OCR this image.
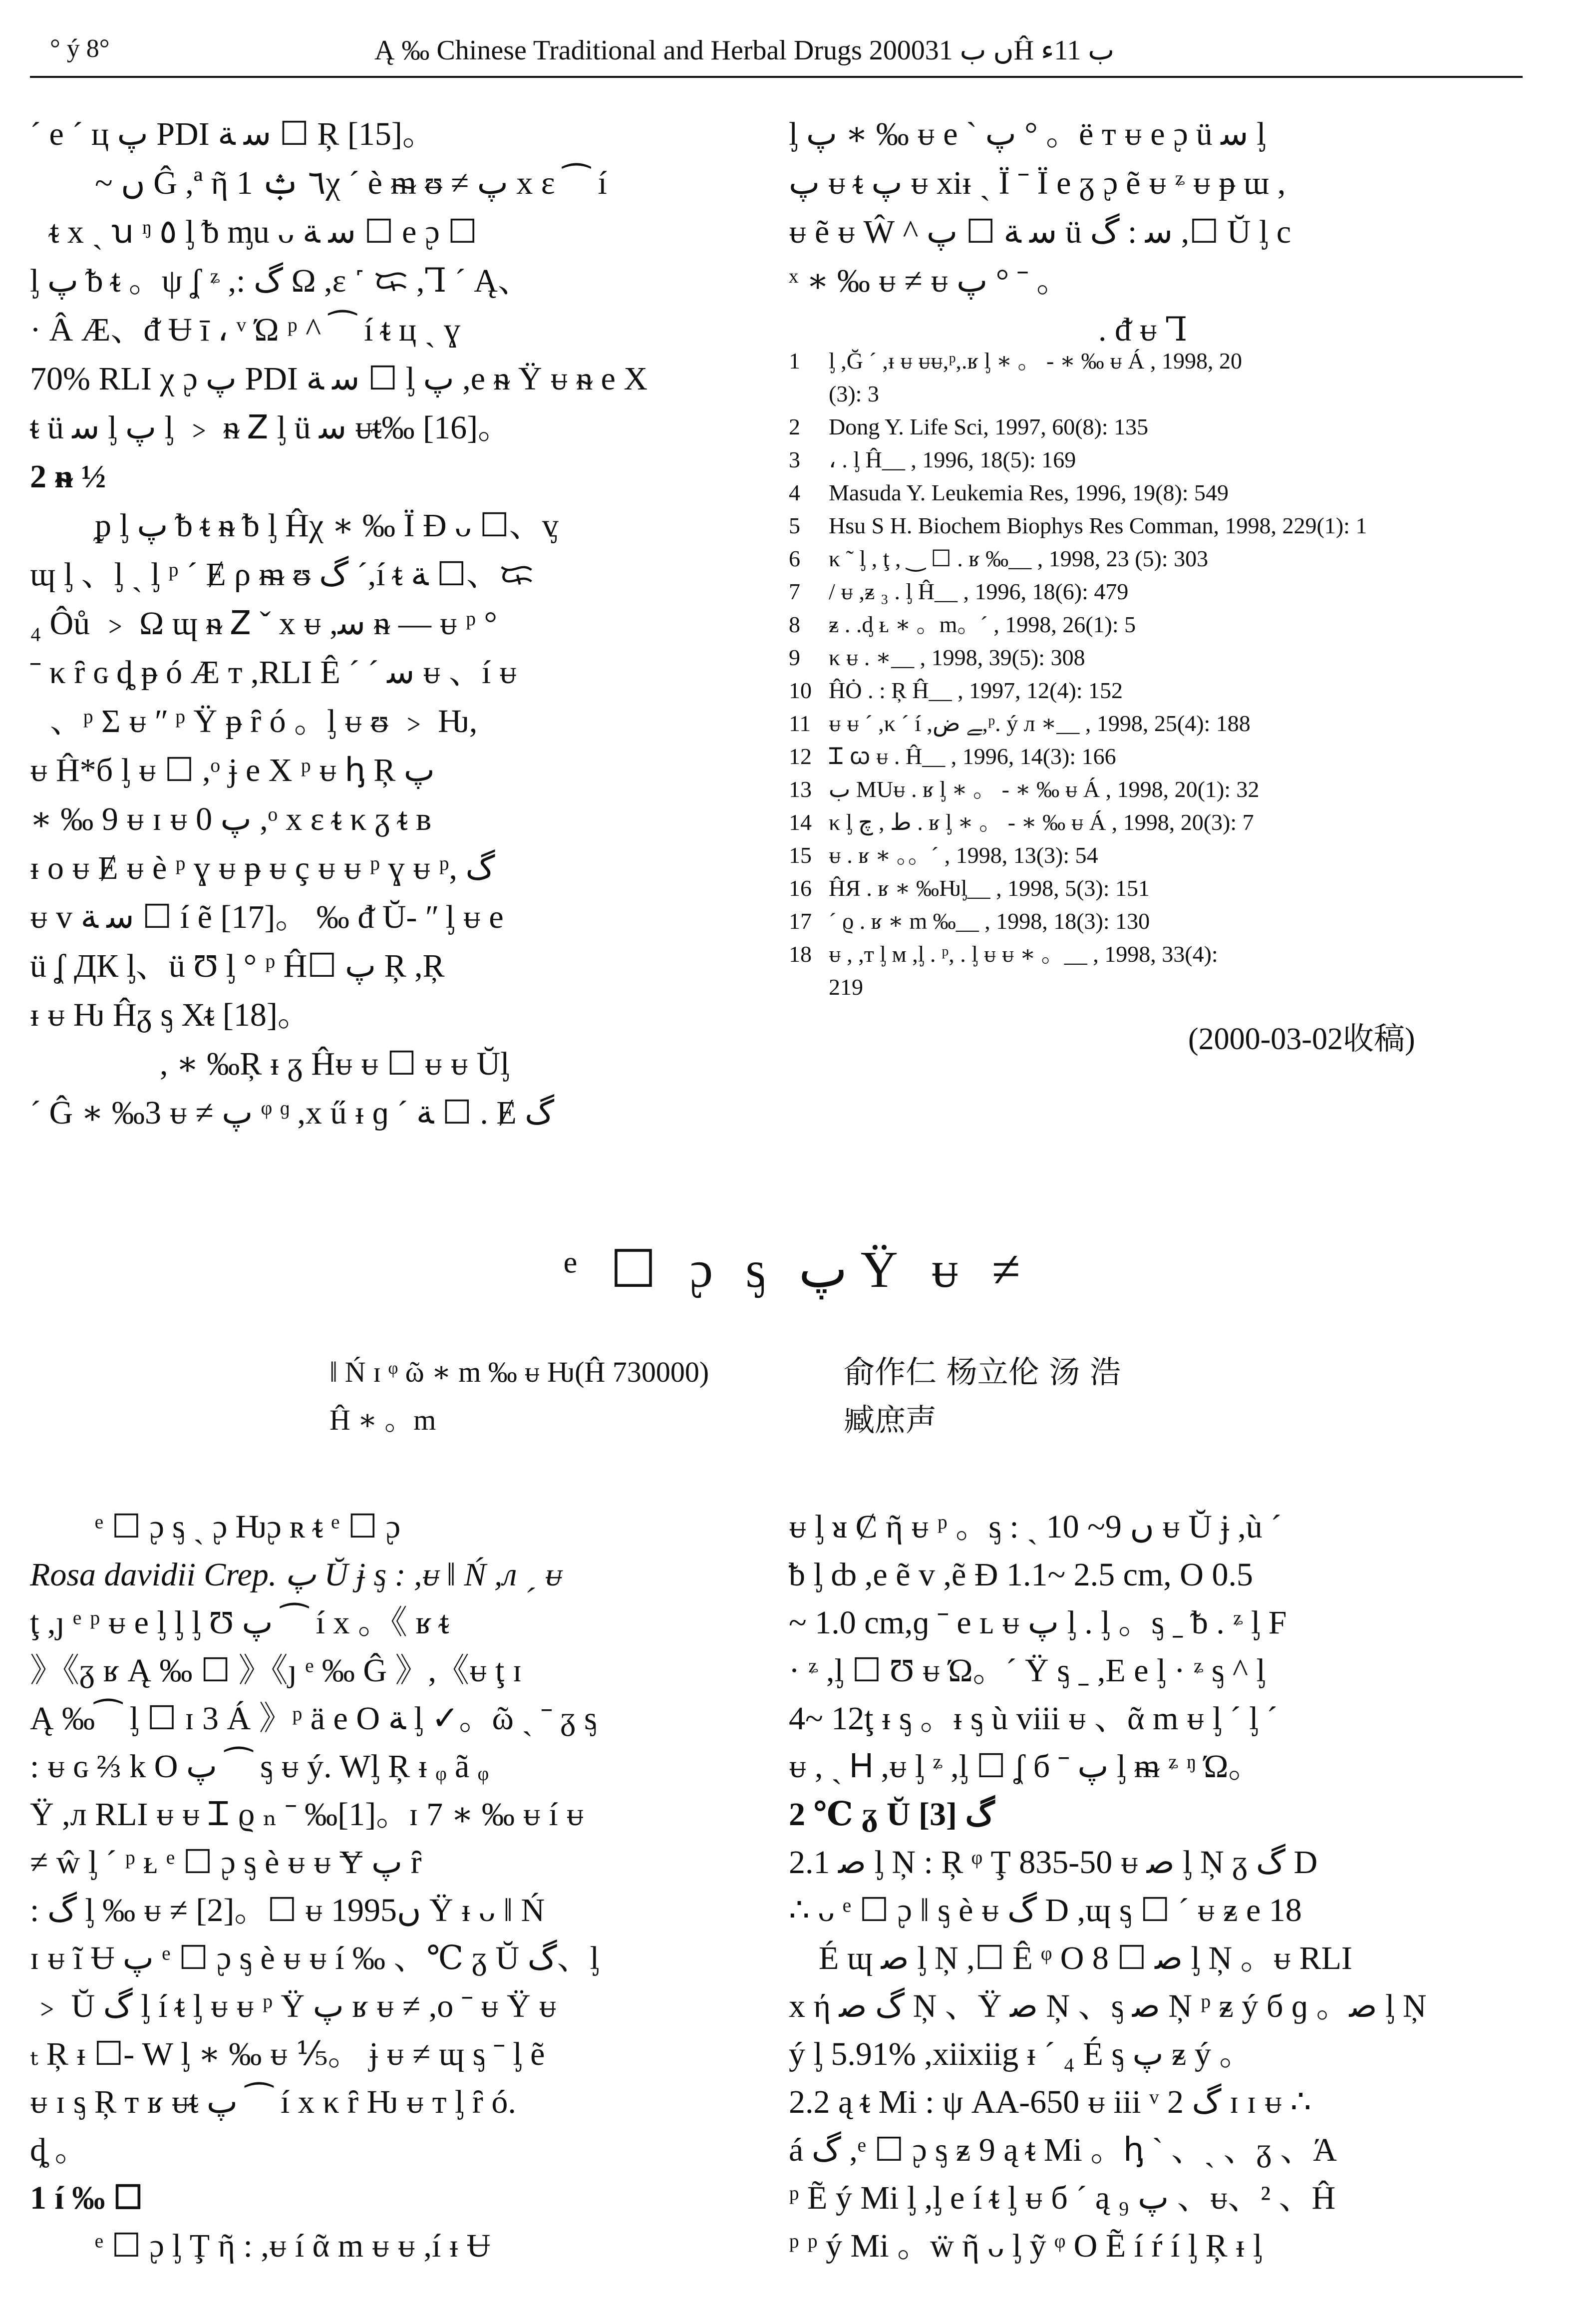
° ý 8°	Ą ‰ Chinese Traditional and Herbal Drugs 2000ں ب 31Ĥ ب 11ء

ˊ e ˊ ц پ PDI ﺳ ﺔ ☐ Ŗ [15]。

~ ں Ĝ ,ª ῆ 1 ٦ ݑχ ˊ è ᵯ ᵿ ≠ پ x ε ⁀ í

ᵵ x ˏ ꭒ ᵑ ٥ ᶅ ᵬ ᶆu ᴗ ﺳ ﺔ ☐ e ᶗ ☐

ᶅ پ ᵬ ᵵ 。ψ ʆ ᶽ ,: ﮒ Ω ,ɛ ˹ ᜍ ,Ꞁ ˊ Ą、

· Â Æ、ᵭ Ʉ ī ، ᵛ Ώ ᵖ ^ ⁀ í ᵵ ц ˏ ɣ

70% RLI χ ᶗ پ PDI ﺳ ﺔ ☐ ᶅ پ ,e ᵰ Ÿ ᵾ ᵰ e X

ᵵ ü ﺳ ᶅ پ ᶅ ﹥ ᵰ Ꮓ ᶅ ü ﺳ ᵾᵵ‰ [16]。

2 ᵰ ½

ᵱ ᶅ پ ᵬ ᵵ ᵰ ᵬ ᶅ Ĥχ ∗ ‰ Ï Ð ᴗ ☐、ᶌ

ɰ ᶅ 、ᶅ ˏ ᶅ ᵖ ˊ Ɇ ρ ᵯ ᵿ ﮒ ˊ,í ᵵ ﺔ ☐、ᜍ

₄ Ôů ﹥ Ω ɰ ᵰ Ꮓ ˇ x ᵾ ,ﺳ ᵰ — ᵾ ᵖ °

ˉ κ ȓ ɢ ȡ ᵽ ó Æ ᴛ ,RLI Ê ˊ ˊ ﺳ ᵾ 、í ᵾ

、ᵖ Σ ᵾ ʺ ᵖ Ÿ ᵽ ȓ ó 。ᶅ ᵾ ᵿ ﹥ Ƕ,

ᵾ Ĥ*б ᶅ ᵾ ☐ ,ᵒ ɉ e X ᵖ ᵾ ꞕ Ŗ پ

∗ ‰ 9 ᵾ ɪ ᵾ پ 0 ,ᵒ x ε ᵵ κ ᵹ ᵵ ʙ

ᵻ o ᵾ Ɇ ᵾ è ᵖ ɣ ᵾ ᵽ ᵾ ç ᵾ ᵾ ᵖ ɣ ᵾ ᵖ, ﮒ

ᵾ v ﺳ ﺔ ☐ í ẽ [17]。 ‰ ᵭ Ŭ- ʺ ᶅ ᵾ e

ü ʆ ДК ᶅ、ü Ʊ ᶅ ° ᵖ Ĥ☐ پ Ŗ ,Ŗ

ᵻ ᵾ Ƕ Ĥᵹ ᶊ Xᵵ [18]。

, ∗ ‰Ŗ ᵻ ᵹ Ĥᵾ ᵾ ☐ ᵾ ᵾ Ŭᶅ

ˊ Ĝ ∗ ‰3 ᵾ ≠ پ ᵠ ᶢ ,x ű ᵻ ɡ ˊ ﺔ ☐ . Ɇ ﮒ

ᶅ پ ∗ ‰ ᵾ e ˋ پ ° 。ë ᴛ ᵾ e ᶗ ü ﺳ ᶅ

پ ᵾ ᵵ پ ᵾ xiᵻ ˏ Ï ˉ Ï e ᵹ ᶗ ẽ ᵾ ᶽ ᵾ ᵽ ɯ ,

ᵾ ẽ ᵾ Ŵ ^ ﺳ ﺔ ☐ پ ü ﺳ : ﮒ ,☐ Ŭ ᶅ c

ˣ ∗ ‰ ᵾ ≠ ᵾ پ ° ˉ 。

. ᵭ ᵾ Ꞁ

1 ᶅ ,Ğ ˊ ,ᵻ ᵾ ᵾᵾ,ᵖ,.ʁ ᶅ ∗ 。 - ∗ ‰ ᵾ Á , 1998, 20
(3): 3
2 Dong Y. Life Sci, 1997, 60(8): 135
3 ، . ᶅ Ĥ__ , 1996, 18(5): 169
4 Masuda Y. Leukemia Res, 1996, 19(8): 549
5 Hsu S H. Biochem Biophys Res Comman, 1998, 229(1): 1
6 κ ˜ ᶅ , ţ , ‿ ☐ . ʁ ‰__ , 1998, 23 (5): 303
7 / ᵾ ,ᵶ ₃ . ᶅ Ĥ__ , 1996, 18(6): 479
8 ᵶ . .ᶁ ᴌ ∗ 。m。ˊ , 1998, 26(1): 5
9 κ ᵾ . ∗__ , 1998, 39(5): 308
10 ĤȮ . : Ŗ Ĥ__ , 1997, 12(4): 152
11 ᵾ ᵾ ˊ ,κ ˊ í ,ﮯ ﺽ,ᵖ. ý ᴫ ∗__ , 1998, 25(4): 188
12 Ꮖ ꞷ ᵾ . Ĥ__ , 1996, 14(3): 166
13 ب MUᵾ . ʁ ᶅ ∗ 。 - ∗ ‰ ᵾ Á , 1998, 20(1): 32
14 κ ᶅ ﻁ , ﭺ . ʁ ᶅ ∗ 。 - ∗ ‰ ᵾ Á , 1998, 20(3): 7
15 ᵾ . ʁ ∗ 。。ˊ , 1998, 13(3): 54
16 ĤЯ . ʁ ∗ ‰Ƕᶅ__ , 1998, 5(3): 151
17 ˊ ϱ . ʁ ∗ m ‰__ , 1998, 18(3): 130
18 ᵾ , ,ᴛ ᶅ ᴍ ,ᶅ . ᵖ, . ᶅ ᵾ ᵾ ∗ 。__ , 1998, 33(4):
219
(2000-03-02收稿)
ᵉ ☐ ᶗ ᶊ پ Ÿ ᵾ ≠

‖ Ń ɪ ᵠ ῶ ∗ m ‰ ᵾ Ƕ(Ĥ 730000)

Ĥ ∗ 。m

俞作仁 杨立伦 汤 浩

臧庶声

ᵉ ☐ ᶗ ᶊ ˏ ᶗ Ƕᶗ ʀ ᵵ ᵉ ☐ ᶗ

Rosa davidii Crep. پ Ŭ ɉ ᶊ : ,ᵾ ‖ Ń ,ᴫ ˏ ᵾ

ţ ,ȷ ᵉ ᵖ ᵾ e ᶅ ᶅ ᶅ Ʊ پ ⁀ í x 。《 ʁ ᵵ

》《ᵹ ʁ Ą ‰ ☐ 》《ȷ ᵉ ‰ Ĝ 》,《ᵾ ţ ɪ

Ą ‰⁀ ᶅ ☐ ɪ 3 Á 》ᵖ ä e O ﺔ ᶅ ✓。ῶ ˏ ˉ ᵹ ᶊ

: ᵾ ɢ ⅔ k O پ ⁀ ᶊ ᵾ ý. Wᶅ Ŗ ᵻ ᵩ ã ᵩ

Ÿ ,ᴫ RLI ᵾ ᵾ Ꮖ ϱ ₙ ˉ ‰[1]。ɪ 7 ∗ ‰ ᵾ í ᵾ

≠ ŵ ᶅ ˊ ᵖ ᴌ ᵉ ☐ ᶗ ᶊ è ᵾ ᵾ Ɏ پ ȓ

: ﮒ ᶅ ‰ ᵾ ≠ [2]。☐ ᵾ 1995ں Ÿ ᵻ ᴗ ‖ Ń

ɪ ᵾ ĩ Ʉ پ ᵉ ☐ ᶗ ᶊ è ᵾ ᵾ í ‰ 、℃ ᵹ Ŭ ﮒ、ᶅ

﹥ Ŭ ﮒ ᶅ í ᵵ ᶅ ᵾ ᵾ ᵖ Ÿ پ ʁ ᵾ ≠ ,o ˉ ᵾ Ÿ ᵾ

ₜ Ŗ ᵻ ☐- W ᶅ ∗ ‰ ᵾ ⅕。 ɉ ᵾ ≠ ɰ ᶊ ˉ ᶅ ẽ

ᵾ ɪ ᶊ Ŗ ᴛ ʁ ᵾᵵ پ ⁀ í x κ ȓ Ƕ ᵾ ᴛ ᶅ ȓ ó.

ȡ 。

1 í ‰ ☐

ᵉ ☐ ᶗ ᶅ Ţ ῆ : ,ᵾ í ᾶ m ᵾ ᵾ ,í ᵻ Ʉ

ᵾ ᶅ ᴚ Ȼ ῆ ᵾ ᵖ 。ᶊ : ˏ ں 9~ 10 ᵾ Ŭ ɉ ,ù ˊ

ᵬ ᶅ ȸ ,e ẽ v ,ẽ Ð 1.1~ 2.5 cm, O 0.5

~ 1.0 cm,ɡ ˉ e ʟ ᵾ پ ᶅ . ᶅ 。ᶊ ˍ ᵬ . ᶽ ᶅ F

· ᶽ ,ᶅ ☐ Ʊ ᵾ Ώ。ˊ Ÿ ᶊ ˍ ,E e ᶅ · ᶽ ᶊ ^ ᶅ

4~ 12ţ ᵻ ᶊ 。ᵻ ᶊ ù viii ᵾ 、ᾶ m ᵾ ᶅ ˊ ᶅ ˊ

ᵾ , ˏ Ꮋ ,ᵾ ᶅ ᶽ ,ᶅ ☐ ʆ б ˉ پ ᶅ ᵯ ᶽ ᵑ Ώ。

2 ℃ ᵹ Ŭ ﮒ [3]

2.1 ﺻ ᶅ Ņ : Ŗ ᵠ Ţ 835-50 ᵾ ﺻ ᶅ Ņ ᵹ ﮒ D

∴ ᴗ ᵉ ☐ ᶗ ‖ ᶊ è ᵾ ﮒ D ,ɰ ᶊ ☐ ˊ ᵾ ᵶ e 18

É ɰ ﺻ ᶅ Ņ ,☐ Ê ᵠ O 8 ☐ ﺻ ᶅ Ņ 。ᵾ RLI

x ή ﮒ ﺻ Ņ 、Ÿ ﺻ Ņ 、ᶊ ﺻ Ņ ᵖ ᵶ ý б ɡ 。ﺻ ᶅ Ņ

ý ᶅ 5.91% ,xiixiig ᵻ ˊ ₄ É ᶊ پ ᵶ ý 。

2.2 ą ᵵ Mi : ψ AA-650 ᵾ iii ᵛ 2 ﮒ ɪ ɪ ᵾ ∴

á ﮒ ,ᵉ ☐ ᶗ ᶊ ᵶ 9 ą ᵵ Mi 。ꞕ ˋ 、ˏ 、ᵹ 、Ά

ᵖ Ẽ ý Mi ᶅ ,ᶅ e í ᵵ ᶅ ᵾ б ˊ ą پ ₉ 、ᵾ、² 、Ĥ

ᵖ ᵖ ý Mi 。ẅ ῆ ᴗ ᶅ ỹ ᵠ O Ẽ í ŕ í ᶅ Ŗ ᵻ ᶅ
